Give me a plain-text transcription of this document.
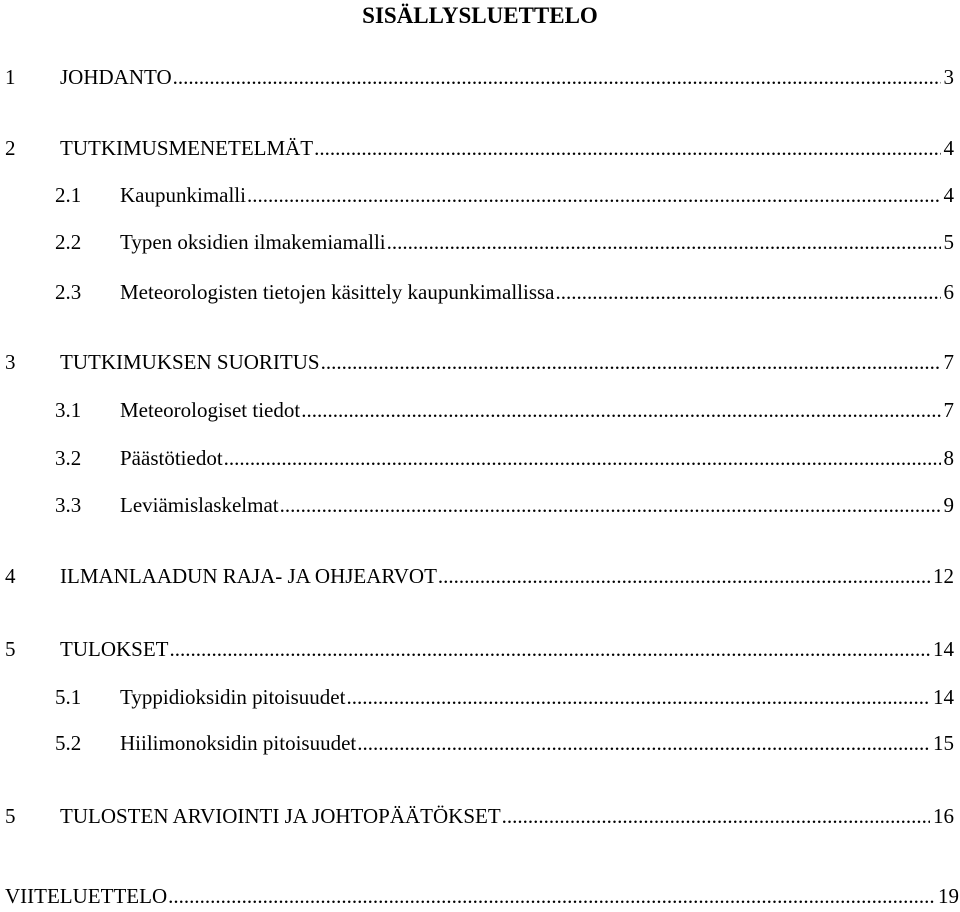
SISÄLLYSLUETTELO
1	JOHDANTO .....	3
2	TUTKIMUSMENETELMÄT .....	4
2.1	Kaupunkimalli .....	4
2.2	Typen oksidien ilmakemiamalli .....	5
2.3	Meteorologisten tietojen käsittely kaupunkimallissa .....	6
3	TUTKIMUKSEN SUORITUS .....	7
3.1	Meteorologiset tiedot .....	7
3.2	Päästötiedot .....	8
3.3	Leviämislaskelmat .....	9
4	ILMANLAADUN RAJA- JA OHJEARVOT .....	12
5	TULOKSET .....	14
5.1	Typpidioksidin pitoisuudet .....	14
5.2	Hiilimonoksidin pitoisuudet .....	15
5	TULOSTEN ARVIOINTI JA JOHTOPÄÄTÖKSET .....	16
VIITELUETTELO .....	19
